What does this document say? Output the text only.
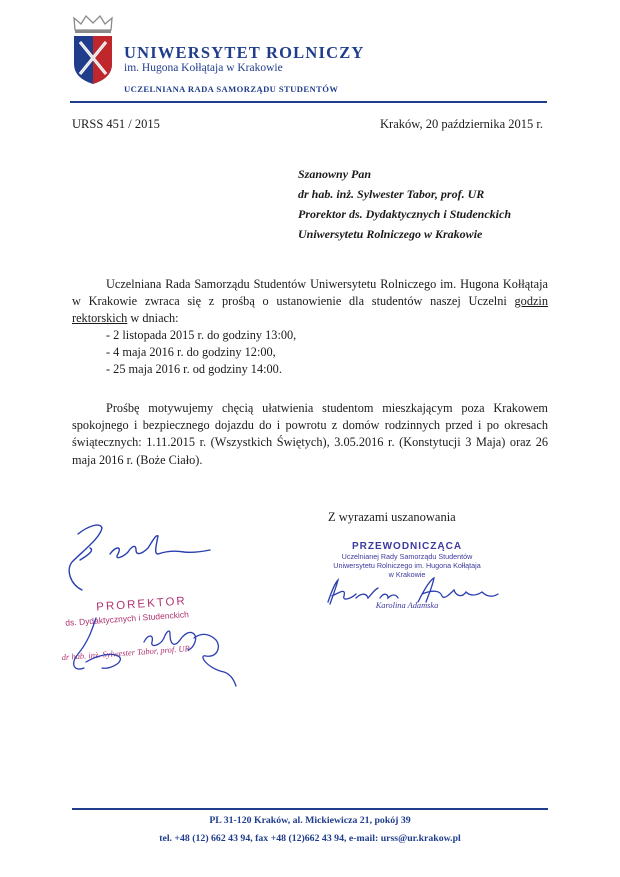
UNIWERSYTET ROLNICZY
im. Hugona Kołłątaja w Krakowie
UCZELNIANA RADA SAMORZĄDU STUDENTÓW
URSS 451 / 2015	Kraków, 20 października 2015 r.
Szanowny Pan
dr hab. inż. Sylwester Tabor, prof. UR
Prorektor ds. Dydaktycznych i Studenckich
Uniwersytetu Rolniczego w Krakowie
Uczelniana Rada Samorządu Studentów Uniwersytetu Rolniczego im. Hugona Kołłątaja w Krakowie zwraca się z prośbą o ustanowienie dla studentów naszej Uczelni godzin rektorskich w dniach:
- 2 listopada 2015 r. do godziny 13:00,
- 4 maja 2016 r. do godziny 12:00,
- 25 maja 2016 r. od godziny 14:00.
Prośbę motywujemy chęcią ułatwienia studentom mieszkającym poza Krakowem spokojnego i bezpiecznego dojazdu do i powrotu z domów rodzinnych przed i po okresach świątecznych: 1.11.2015 r. (Wszystkich Świętych), 3.05.2016 r. (Konstytucji 3 Maja) oraz 26 maja 2016 r. (Boże Ciało).
Z wyrazami uszanowania
PRZEWODNICZĄCA
Uczelnianej Rady Samorządu Studentów
Uniwersytetu Rolniczego im. Hugona Kołłątaja
w Krakowie
Karolina Adamska
PROREKTOR
ds. Dydaktycznych i Studenckich
dr hab. inż. Sylwester Tabor, prof. UR
PL 31-120 Kraków, al. Mickiewicza 21, pokój 39
tel. +48 (12) 662 43 94, fax +48 (12)662 43 94, e-mail: urss@ur.krakow.pl
